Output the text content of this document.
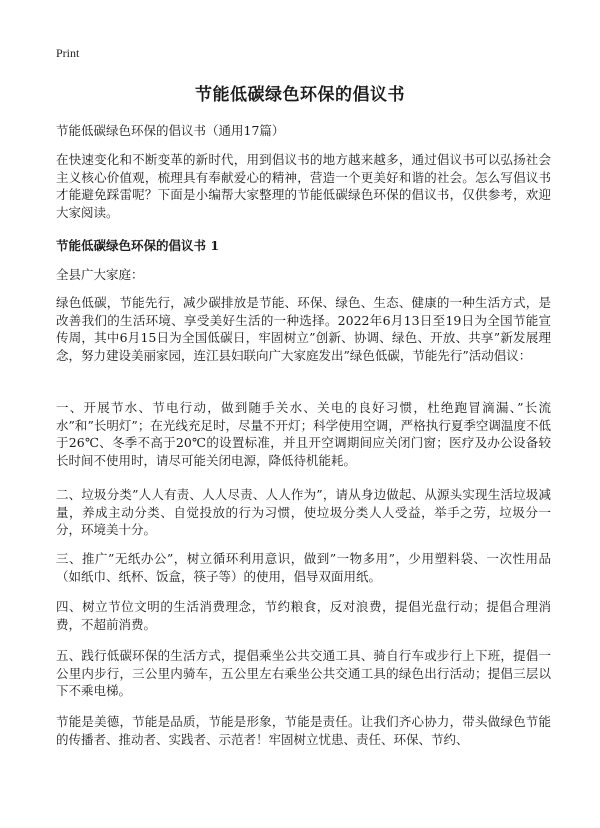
Print
节能低碳绿色环保的倡议书
节能低碳绿色环保的倡议书（通用17篇）

在快速变化和不断变革的新时代，用到倡议书的地方越来越多，通过倡议书可以弘扬社会主义核心价值观，梳理具有奉献爱心的精神，营造一个更美好和谐的社会。怎么写倡议书才能避免踩雷呢？下面是小编帮大家整理的节能低碳绿色环保的倡议书，仅供参考，欢迎大家阅读。

节能低碳绿色环保的倡议书 1

全县广大家庭：

绿色低碳，节能先行，减少碳排放是节能、环保、绿色、生态、健康的一种生活方式，是改善我们的生活环境、享受美好生活的一种选择。2022年6月13日至19日为全国节能宣传周，其中6月15日为全国低碳日，牢固树立”创新、协调、绿色、开放、共享”新发展理念，努力建设美丽家园，连江县妇联向广大家庭发出”绿色低碳，节能先行”活动倡议：

一、开展节水、节电行动，做到随手关水、关电的良好习惯，杜绝跑冒滴漏、”长流水”和”长明灯”；在光线充足时，尽量不开灯；科学使用空调，严格执行夏季空调温度不低于26℃、冬季不高于20℃的设置标准，并且开空调期间应关闭门窗；医疗及办公设备较长时间不使用时，请尽可能关闭电源，降低待机能耗。

二、垃圾分类”人人有责、人人尽责、人人作为”，请从身边做起、从源头实现生活垃圾减量，养成主动分类、自觉投放的行为习惯，使垃圾分类人人受益，举手之劳，垃圾分一分，环境美十分。

三、推广”无纸办公”，树立循环利用意识，做到”一物多用”，少用塑料袋、一次性用品（如纸巾、纸杯、饭盒，筷子等）的使用，倡导双面用纸。

四、树立节位文明的生活消费理念，节约粮食，反对浪费，提倡光盘行动；提倡合理消费，不超前消费。

五、践行低碳环保的生活方式，提倡乘坐公共交通工具、骑自行车或步行上下班，提倡一公里内步行，三公里内骑车，五公里左右乘坐公共交通工具的绿色出行活动；提倡三层以下不乘电梯。

节能是美德，节能是品质，节能是形象，节能是责任。让我们齐心协力，带头做绿色节能的传播者、推动者、实践者、示范者！牢固树立忧患、责任、环保、节约、
